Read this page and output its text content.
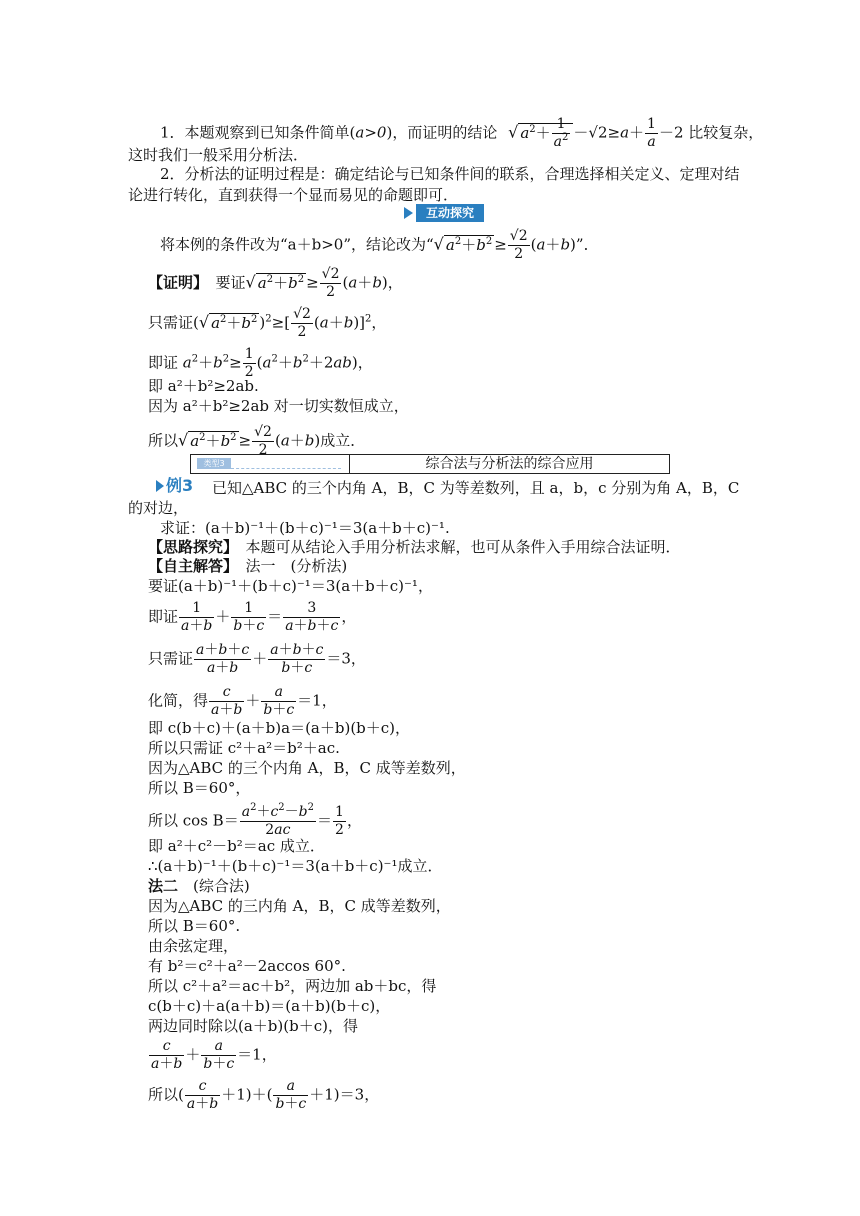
1．本题观察到已知条件简单(a>0)，而证明的结论 √ $a^2+ \frac{1}{a^2} -√2\ge a+ \frac{1}{a} -2$ 比较复杂，
这时我们一般采用分析法．
2．分析法的证明过程是：确定结论与已知条件间的联系，合理选择相关定义、定理对结
论进行转化，直到获得一个显而易见的命题即可．
互动探究
将本例的条件改为“a＋b>0”，结论改为“√ $a^2+b^2 \ge \frac{√2}{2} (a+b)$”．
【证明】　 要证√ $a^2+b^2 \ge \frac{√2}{2} (a+b)$，
只需证(√ $a^2+b^2$ )$^2\ge[ \frac{√2}{2} (a+b)]^2$，
即证 $a^2+b^2\ge \frac{1}{2} (a^2+b^2+2ab)$，
即 a²＋b²≥2ab.
因为 a²＋b²≥2ab 对一切实数恒成立，
所以√ $a^2+b^2 \ge \frac{√2}{2} (a+b)$成立．
类型3	综合法与分析法的综合应用
例3 已知△ABC 的三个内角 A，B，C 为等差数列，且 a，b，c 分别为角 A，B，C
的对边，
求证：(a＋b)⁻¹＋(b＋c)⁻¹＝3(a＋b＋c)⁻¹.
【思路探究】　 本题可从结论入手用分析法求解，也可从条件入手用综合法证明．
【自主解答】　 法一　(分析法)
要证(a＋b)⁻¹＋(b＋c)⁻¹＝3(a＋b＋c)⁻¹，
即证 $\frac{1}{a+b} + \frac{1}{b+c} = \frac{3}{a+b+c}$ ，
只需证 $\frac{a+b+c}{a+b} + \frac{a+b+c}{b+c} =3$，
化简，得 $\frac{c}{a+b} + \frac{a}{b+c} =1$，
即 c(b＋c)＋(a＋b)a＝(a＋b)(b＋c)，
所以只需证 c²＋a²＝b²＋ac.
因为△ABC 的三个内角 A，B，C 成等差数列，
所以 B＝60°，
所以 $\cos B= \frac{a^2+c^2-b^2}{2ac} = \frac{1}{2}$ ，
即 a²＋c²－b²＝ac 成立．
∴(a＋b)⁻¹＋(b＋c)⁻¹＝3(a＋b＋c)⁻¹成立．
法二　 (综合法)
因为△ABC 的三内角 A，B，C 成等差数列，
所以 B＝60°.
由余弦定理，
有 b²＝c²＋a²－2accos 60°.
所以 c²＋a²＝ac＋b²，两边加 ab＋bc，得
c(b＋c)＋a(a＋b)＝(a＋b)(b＋c)，
两边同时除以(a＋b)(b＋c)，得
$\frac{c}{a+b} + \frac{a}{b+c} =1$，
所以( $\frac{c}{a+b} +1)+( \frac{a}{b+c} +1)=3$，
